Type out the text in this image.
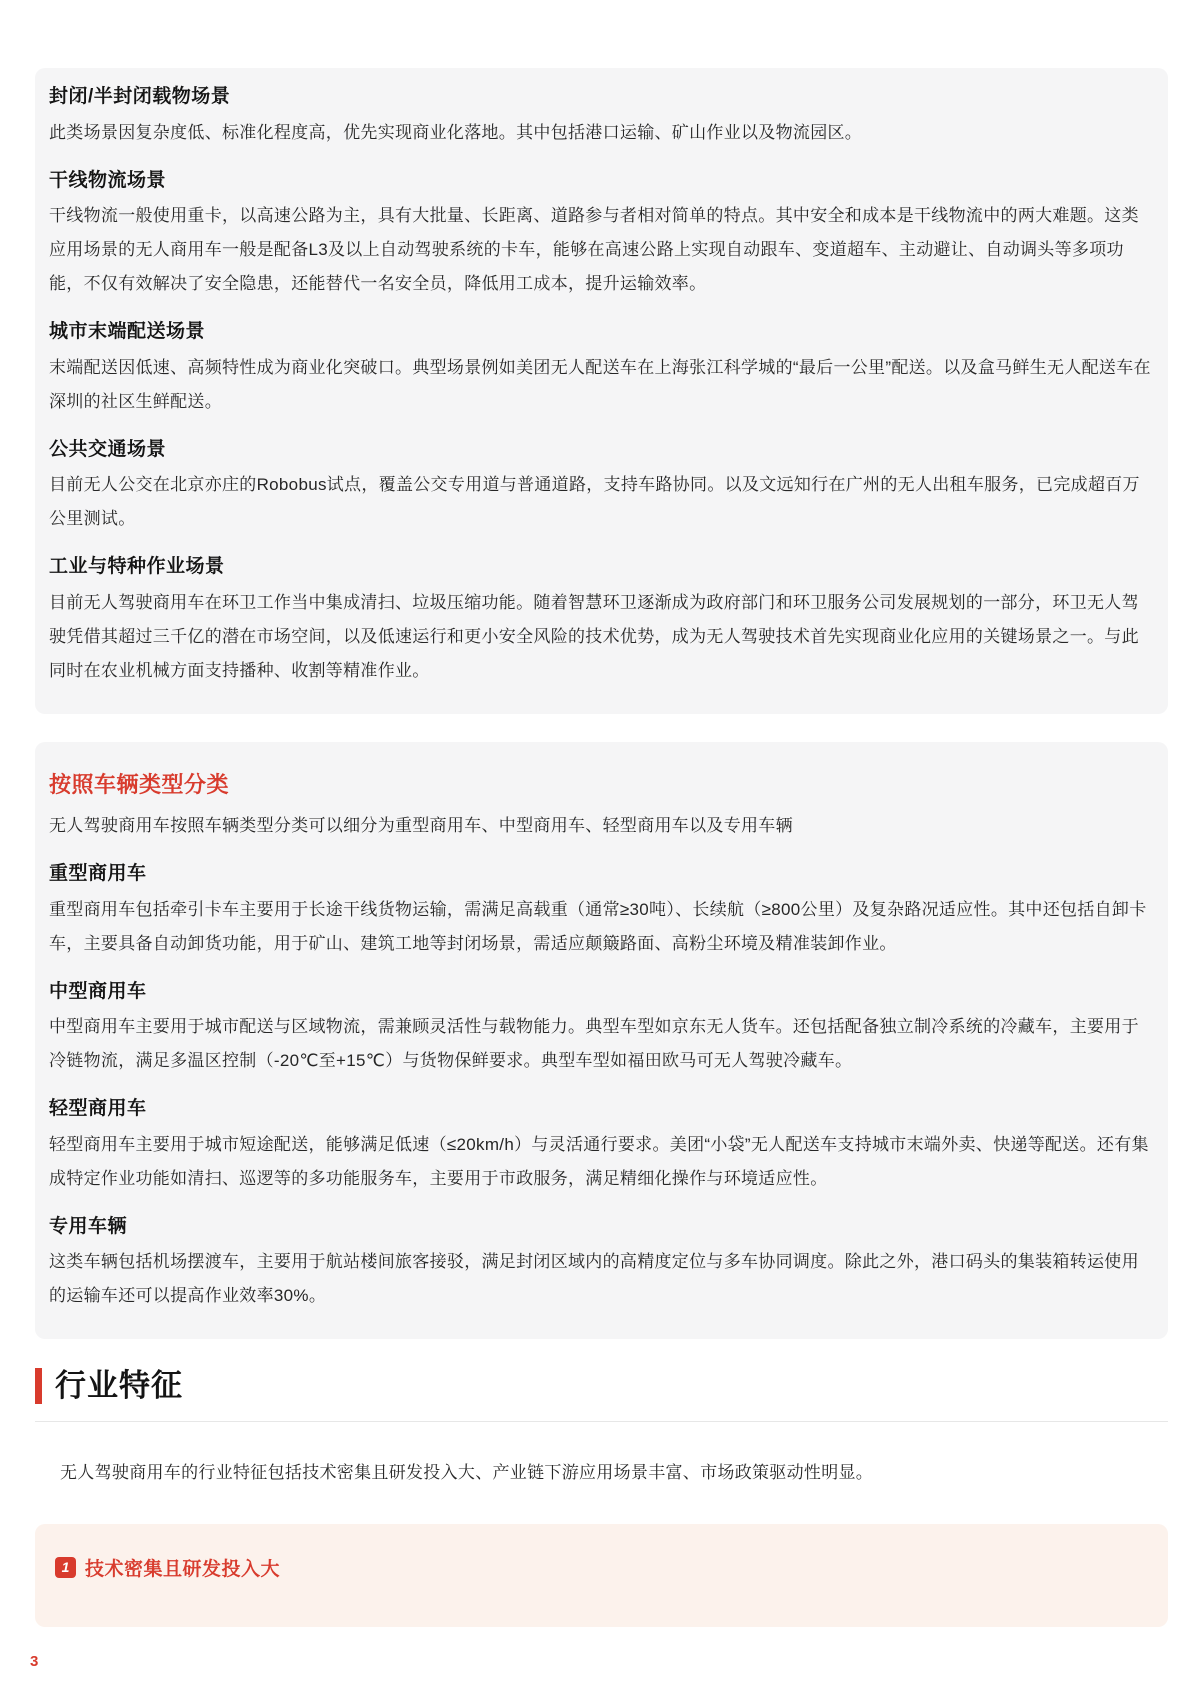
封闭/半封闭载物场景

此类场景因复杂度低、标准化程度高，优先实现商业化落地。其中包括港口运输、矿山作业以及物流园区。

干线物流场景

干线物流一般使用重卡，以高速公路为主，具有大批量、长距离、道路参与者相对简单的特点。其中安全和成本是干线物流中的两大难题。这类应用场景的无人商用车一般是配备L3及以上自动驾驶系统的卡车，能够在高速公路上实现自动跟车、变道超车、主动避让、自动调头等多项功能，不仅有效解决了安全隐患，还能替代一名安全员，降低用工成本，提升运输效率。

城市末端配送场景

末端配送因低速、高频特性成为商业化突破口。典型场景例如美团无人配送车在上海张江科学城的“最后一公里”配送。以及盒马鲜生无人配送车在深圳的社区生鲜配送。

公共交通场景

目前无人公交在北京亦庄的Robobus试点，覆盖公交专用道与普通道路，支持车路协同。以及文远知行在广州的无人出租车服务，已完成超百万公里测试。

工业与特种作业场景

目前无人驾驶商用车在环卫工作当中集成清扫、垃圾压缩功能。随着智慧环卫逐渐成为政府部门和环卫服务公司发展规划的一部分，环卫无人驾驶凭借其超过三千亿的潜在市场空间，以及低速运行和更小安全风险的技术优势，成为无人驾驶技术首先实现商业化应用的关键场景之一。与此同时在农业机械方面支持播种、收割等精准作业。

按照车辆类型分类

无人驾驶商用车按照车辆类型分类可以细分为重型商用车、中型商用车、轻型商用车以及专用车辆

重型商用车

重型商用车包括牵引卡车主要用于长途干线货物运输，需满足高载重（通常≥30吨）、长续航（≥800公里）及复杂路况适应性。其中还包括自卸卡车，主要具备自动卸货功能，用于矿山、建筑工地等封闭场景，需适应颠簸路面、高粉尘环境及精准装卸作业。

中型商用车

中型商用车主要用于城市配送与区域物流，需兼顾灵活性与载物能力。典型车型如京东无人货车。还包括配备独立制冷系统的冷藏车，主要用于冷链物流，满足多温区控制（-20℃至+15℃）与货物保鲜要求。典型车型如福田欧马可无人驾驶冷藏车。

轻型商用车

轻型商用车主要用于城市短途配送，能够满足低速（≤20km/h）与灵活通行要求。美团“小袋”无人配送车支持城市末端外卖、快递等配送。还有集成特定作业功能如清扫、巡逻等的多功能服务车，主要用于市政服务，满足精细化操作与环境适应性。

专用车辆

这类车辆包括机场摆渡车，主要用于航站楼间旅客接驳，满足封闭区域内的高精度定位与多车协同调度。除此之外，港口码头的集装箱转运使用的运输车还可以提高作业效率30%。

行业特征

无人驾驶商用车的行业特征包括技术密集且研发投入大、产业链下游应用场景丰富、市场政策驱动性明显。

1 技术密集且研发投入大
3
